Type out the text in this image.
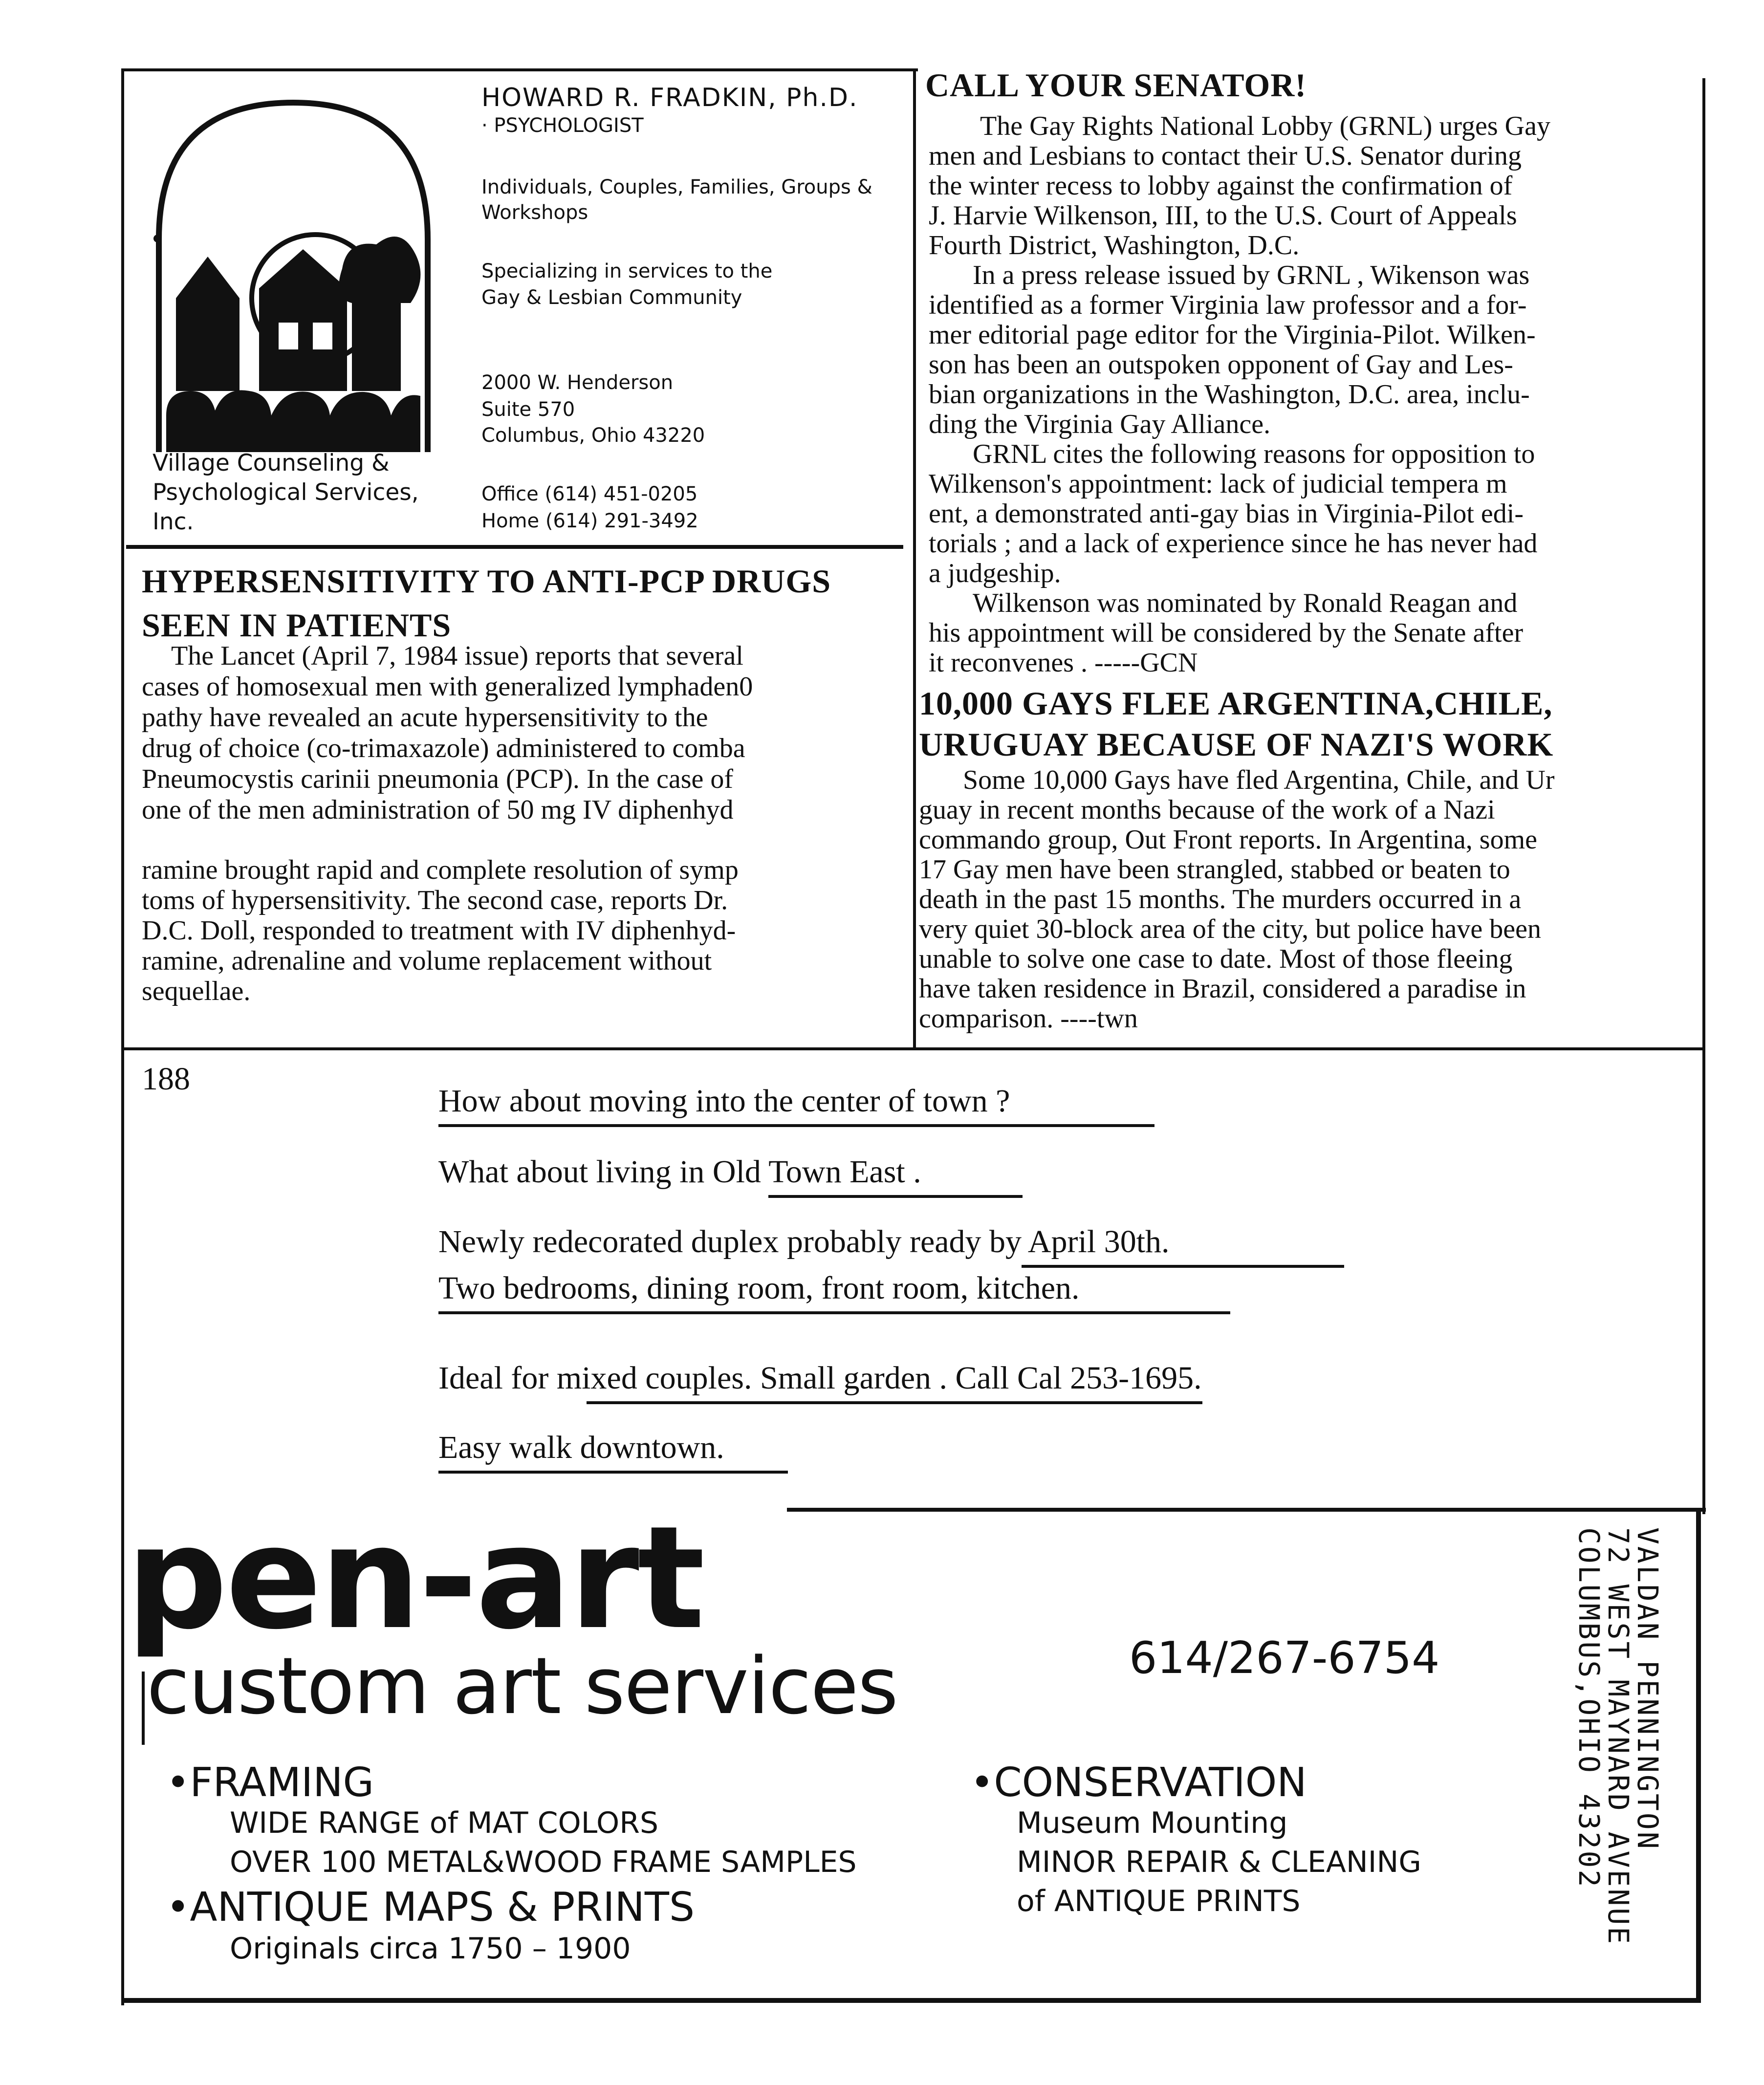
HOWARD R. FRADKIN, Ph.D.
· PSYCHOLOGIST
Individuals, Couples, Families, Groups &
Workshops
Specializing in services to the
Gay & Lesbian Community
2000 W. Henderson
Suite 570
Columbus, Ohio 43220
Office (614) 451-0205
Home (614) 291-3492
Village Counseling &
Psychological Services,
Inc.
HYPERSENSITIVITY TO ANTI-PCP DRUGS
SEEN IN PATIENTS
The Lancet (April 7, 1984 issue) reports that several
cases of homosexual men with generalized lymphaden0
pathy have revealed an acute hypersensitivity to the
drug of choice (co-trimaxazole) administered to comba
Pneumocystis carinii pneumonia (PCP). In the case of
one of the men administration of 50 mg IV diphenhyd
ramine brought rapid and complete resolution of symp
toms of hypersensitivity. The second case, reports Dr.
D.C. Doll, responded to treatment with IV diphenhyd-
ramine, adrenaline and volume replacement without
sequellae.
CALL YOUR SENATOR!
The Gay Rights National Lobby (GRNL) urges Gay
men and Lesbians to contact their U.S. Senator during
the winter recess to lobby against the confirmation of
J. Harvie Wilkenson, III, to the U.S. Court of Appeals
Fourth District, Washington, D.C.
In a press release issued by GRNL , Wikenson was
identified as a former Virginia law professor and a for-
mer editorial page editor for the Virginia-Pilot. Wilken-
son has been an outspoken opponent of Gay and Les-
bian organizations in the Washington, D.C. area, inclu-
ding the Virginia Gay Alliance.
GRNL cites the following reasons for opposition to
Wilkenson's appointment: lack of judicial tempera m
ent, a demonstrated anti-gay bias in Virginia-Pilot edi-
torials ; and a lack of experience since he has never had
a judgeship.
Wilkenson was nominated by Ronald Reagan and
his appointment will be considered by the Senate after
it reconvenes . -----GCN
10,000 GAYS FLEE ARGENTINA,CHILE,
URUGUAY BECAUSE OF NAZI'S WORK
Some 10,000 Gays have fled Argentina, Chile, and Ur
guay in recent months because of the work of a Nazi
commando group, Out Front reports. In Argentina, some
17 Gay men have been strangled, stabbed or beaten to
death in the past 15 months. The murders occurred in a
very quiet 30-block area of the city, but police have been
unable to solve one case to date. Most of those fleeing
have taken residence in Brazil, considered a paradise in
comparison. ----twn
188
How about moving into the center of town ?
What about living in Old Town East .
Newly redecorated duplex probably ready by April 30th.
Two bedrooms, dining room, front room, kitchen.
Ideal for mixed couples. Small garden . Call Cal 253-1695.
Easy walk downtown.
pen-art
custom art services	614/267-6754
•FRAMING
WIDE RANGE of MAT COLORS
OVER 100 METAL&WOOD FRAME SAMPLES
•ANTIQUE MAPS & PRINTS
Originals circa 1750 – 1900
•CONSERVATION
Museum Mounting
MINOR REPAIR & CLEANING
of ANTIQUE PRINTS
VALDAN PENNINGTON
72 WEST MAYNARD AVENUE
COLUMBUS,OHIO 43202
